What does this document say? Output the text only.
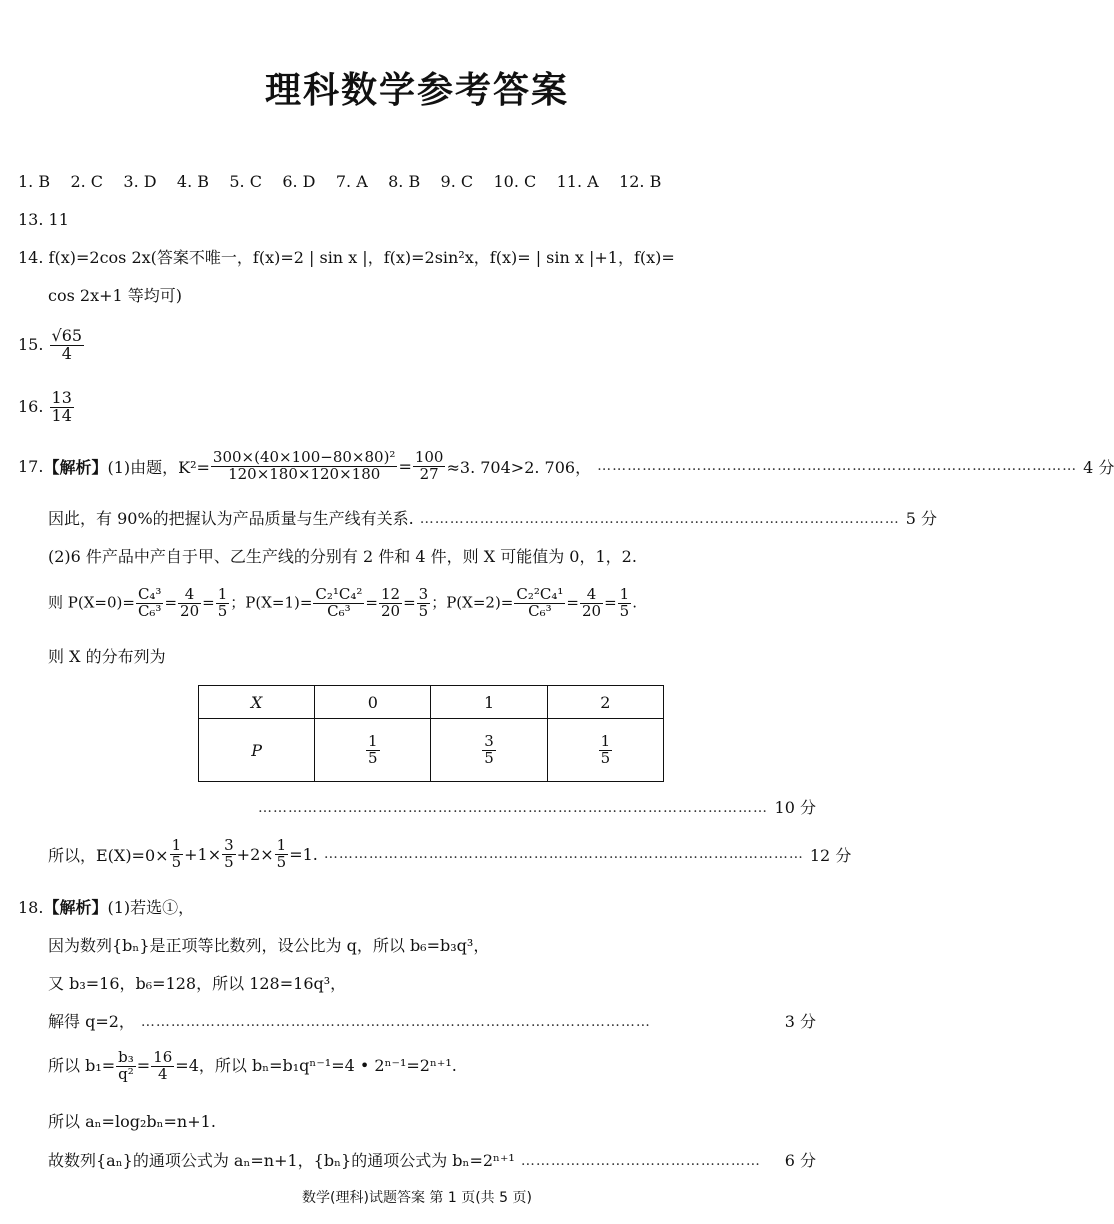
理科数学参考答案
1. B 2. C 3. D 4. B 5. C 6. D 7. A 8. B 9. C 10. C 11. A 12. B
13. 11
14. f(x)=2cos 2x(答案不唯一，f(x)=2 | sin x |，f(x)=2sin²x，f(x)= | sin x |+1，f(x)=
cos 2x+1 等均可)
15. $\frac{√65}{4}$
16. $\frac{13}{14}$
17. 【解析】 (1)由题，$K^2= \frac{\text{300×(40×100−80×80)²}}{120\times 180\times 120\times 180} = \frac{100}{27} \approx 3$. 704>2. 706， …………………………………………………………………………………… 4 分
因此，有 90%的把握认为产品质量与生产线有关系. …………………………………………………………………………………… 5 分
(2)6 件产品中产自于甲、乙生产线的分别有 2 件和 4 件，则 X 可能值为 0，1，2.
则 $P(X=0)= \frac{\text{C₄³}}{\text{C₆³}} = \frac{4}{20} = \frac{1}{5}$ ；$P(X=1)= \frac{\text{C₂¹C₄²}}{\text{C₆³}} = \frac{12}{20} = \frac{3}{5}$ ；$P(X=2)= \frac{\text{C₂²C₄¹}}{\text{C₆³}} = \frac{4}{20} = \frac{1}{5}$ .
则 X 的分布列为
X	0	1	2
P	$\frac{1}{5}$	$\frac{3}{5}$	$\frac{1}{5}$
………………………………………………………………………………………… 10 分
所以，$E(X)=0\times \frac{1}{5} +1\times \frac{3}{5} +2\times \frac{1}{5} =1$. …………………………………………………………………………………… 12 分
18.【解析】(1)若选①，
因为数列{bₙ}是正项等比数列，设公比为 q，所以 b₆=b₃q³，
又 b₃=16，b₆=128，所以 128=16q³，
解得 q=2， …………………………………………………………………………………………	3 分
所以 $b_1= \frac{\text{b₃}}{\text{q²}} = \frac{16}{4} =4$，所以 bₙ=b₁qⁿ⁻¹=4 • 2ⁿ⁻¹=2ⁿ⁺¹.
所以 aₙ=log₂bₙ=n+1.
故数列{aₙ}的通项公式为 aₙ=n+1，{bₙ}的通项公式为 bₙ=2ⁿ⁺¹ …………………………………………	6 分
数学(理科)试题答案 第 1 页(共 5 页)
